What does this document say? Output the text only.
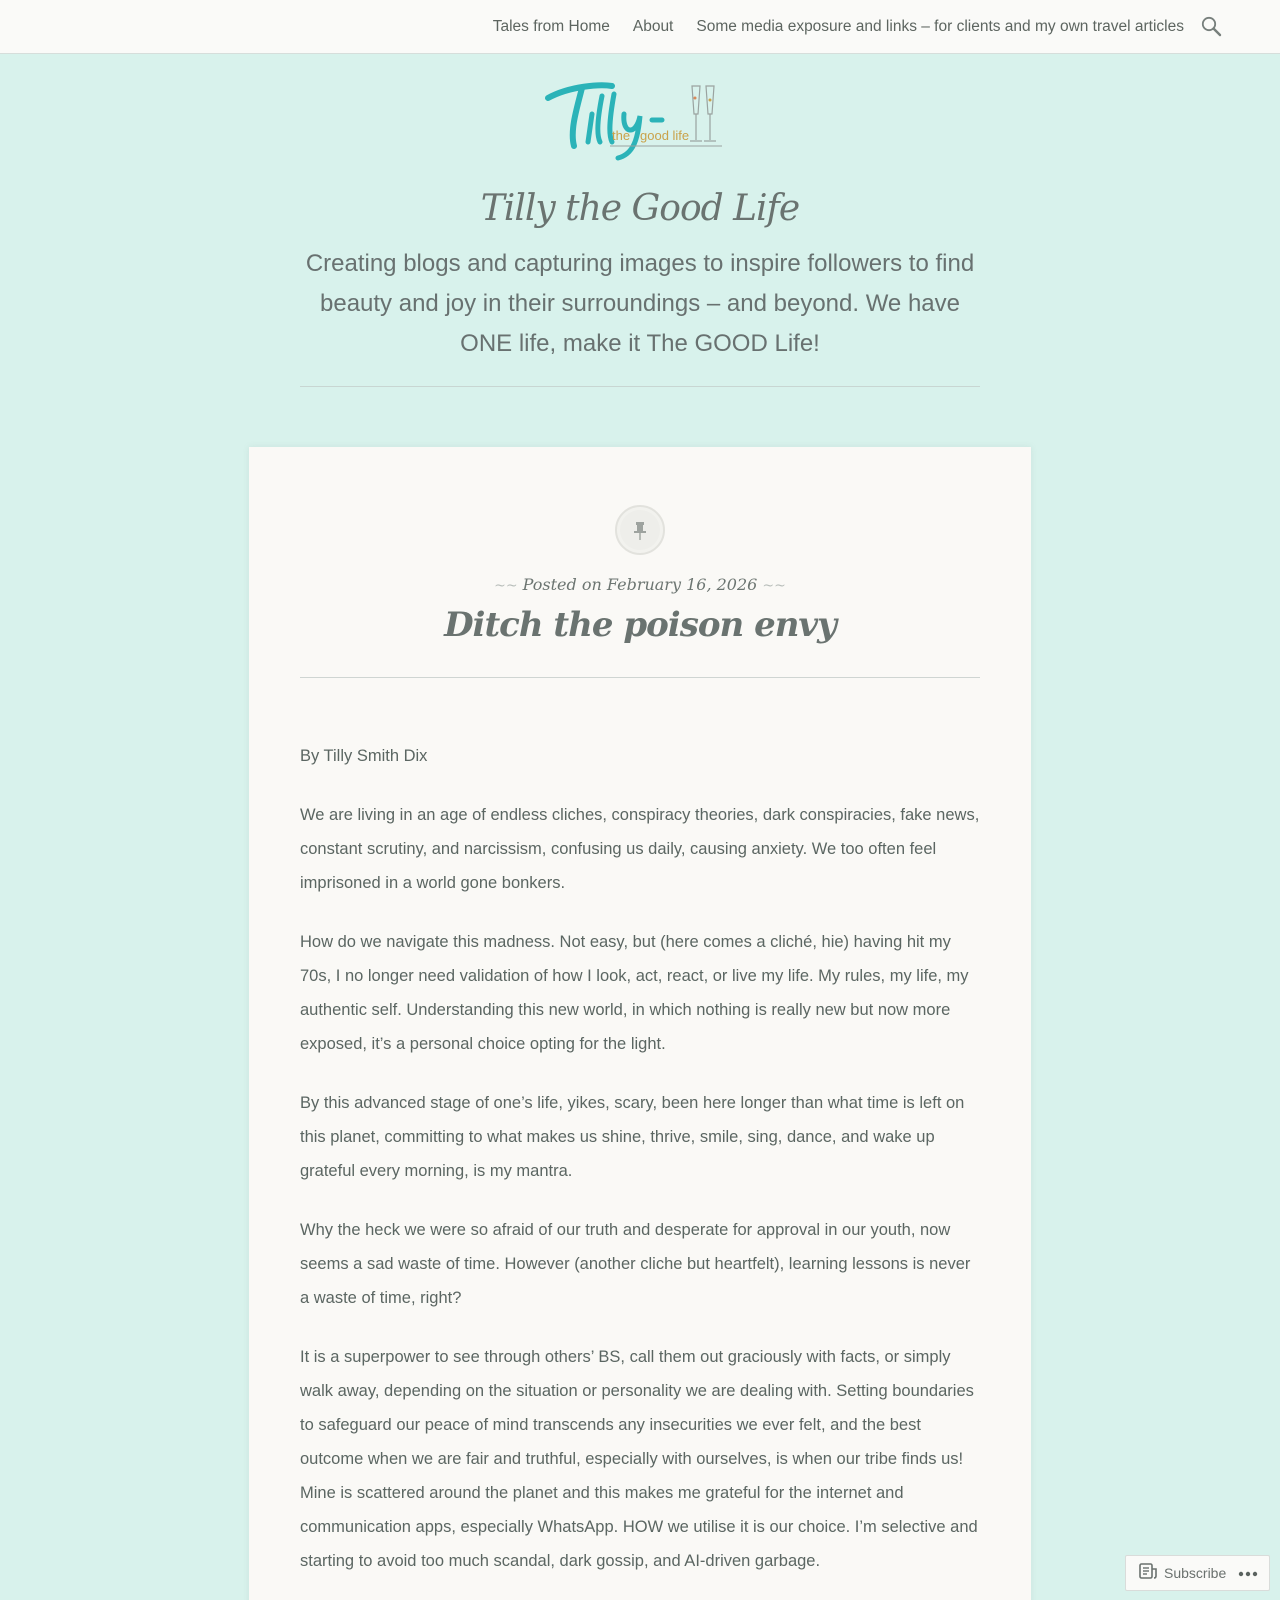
Tales from Home About Some media exposure and links – for clients and my own travel articles
the good life
Tilly the Good Life

Creating blogs and capturing images to inspire followers to find beauty and joy in their surroundings – and beyond. We have ONE life, make it The GOOD Life!

~~ Posted on February 16, 2026 ~~
Ditch the poison envy

By Tilly Smith Dix

We are living in an age of endless cliches, conspiracy theories, dark conspiracies, fake news, constant scrutiny, and narcissism, confusing us daily, causing anxiety. We too often feel imprisoned in a world gone bonkers.

How do we navigate this madness. Not easy, but (here comes a cliché, hie) having hit my 70s, I no longer need validation of how I look, act, react, or live my life. My rules, my life, my authentic self. Understanding this new world, in which nothing is really new but now more exposed, it’s a personal choice opting for the light.

By this advanced stage of one’s life, yikes, scary, been here longer than what time is left on this planet, committing to what makes us shine, thrive, smile, sing, dance, and wake up grateful every morning, is my mantra.

Why the heck we were so afraid of our truth and desperate for approval in our youth, now seems a sad waste of time. However (another cliche but heartfelt), learning lessons is never a waste of time, right?

It is a superpower to see through others’ BS, call them out graciously with facts, or simply walk away, depending on the situation or personality we are dealing with. Setting boundaries to safeguard our peace of mind transcends any insecurities we ever felt, and the best outcome when we are fair and truthful, especially with ourselves, is when our tribe finds us! Mine is scattered around the planet and this makes me grateful for the internet and communication apps, especially WhatsApp. HOW we utilise it is our choice. I’m selective and starting to avoid too much scandal, dark gossip, and AI-driven garbage.

Subscribe
